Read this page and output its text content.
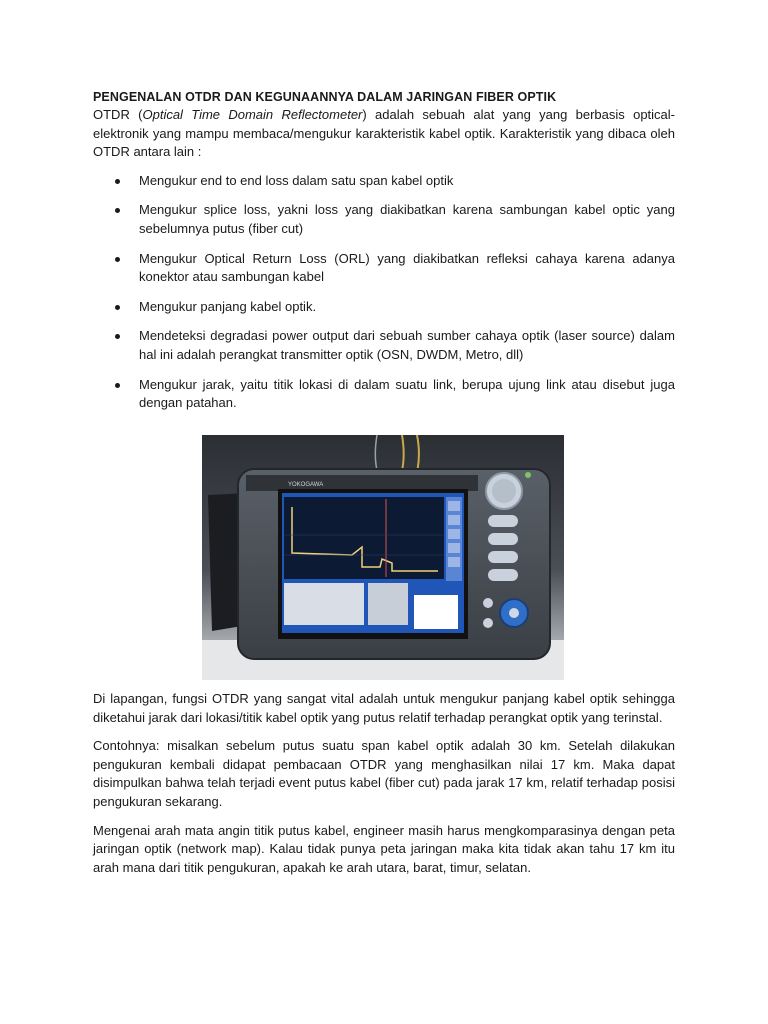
PENGENALAN OTDR DAN KEGUNAANNYA DALAM JARINGAN FIBER OPTIK

OTDR (Optical Time Domain Reflectometer) adalah sebuah alat yang yang berbasis optical-elektronik yang mampu membaca/mengukur karakteristik kabel optik. Karakteristik yang dibaca oleh OTDR antara lain :

Mengukur end to end loss dalam satu span kabel optik
Mengukur splice loss, yakni loss yang diakibatkan karena sambungan kabel optic yang sebelumnya putus (fiber cut)
Mengukur Optical Return Loss (ORL) yang diakibatkan refleksi cahaya karena adanya konektor atau sambungan kabel
Mengukur panjang kabel optik.
Mendeteksi degradasi power output dari sebuah sumber cahaya optik (laser source) dalam hal ini adalah perangkat transmitter optik (OSN, DWDM, Metro, dll)
Mengukur jarak, yaitu titik lokasi di dalam suatu link, berupa ujung link atau disebut juga dengan patahan.
YOKOGAWA

Di lapangan, fungsi OTDR yang sangat vital adalah untuk mengukur panjang kabel optik sehingga diketahui jarak dari lokasi/titik kabel optik yang putus relatif terhadap perangkat optik yang terinstal.

Contohnya: misalkan sebelum putus suatu span kabel optik adalah 30 km. Setelah dilakukan pengukuran kembali didapat pembacaan OTDR yang menghasilkan nilai 17 km. Maka dapat disimpulkan bahwa telah terjadi event putus kabel (fiber cut) pada jarak 17 km, relatif terhadap posisi pengukuran sekarang.

Mengenai arah mata angin titik putus kabel, engineer masih harus mengkomparasinya dengan peta jaringan optik (network map). Kalau tidak punya peta jaringan maka kita tidak akan tahu 17 km itu arah mana dari titik pengukuran, apakah ke arah utara, barat, timur, selatan.
